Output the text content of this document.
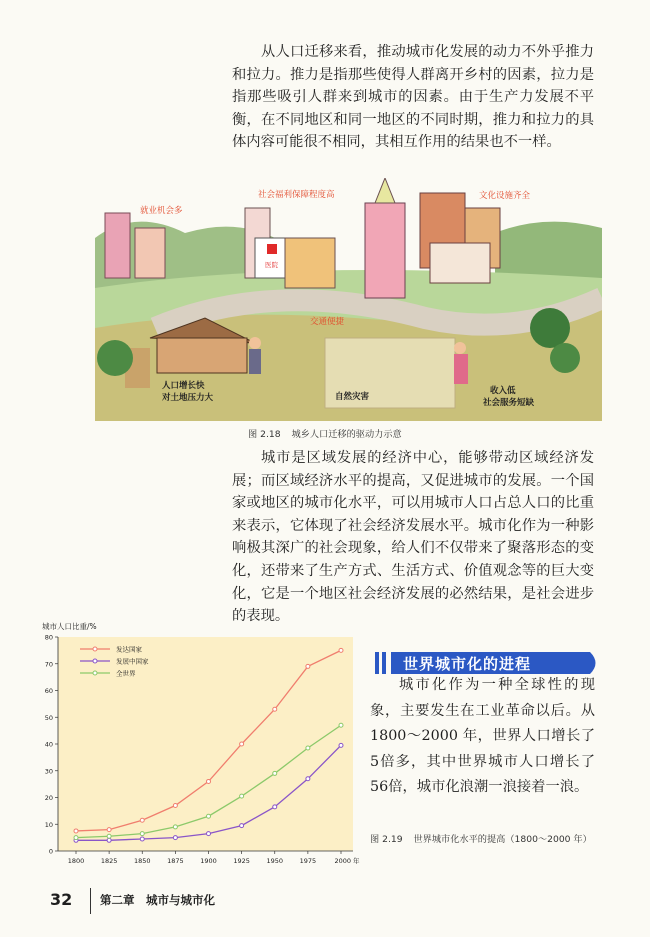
从人口迁移来看，推动城市化发展的动力不外乎推力和拉力。推力是指那些使得人群离开乡村的因素，拉力是指那些吸引人群来到城市的因素。由于生产力发展不平衡，在不同地区和同一地区的不同时期，推力和拉力的具体内容可能很不相同，其相互作用的结果也不一样。
就业机会多
社会福利保障程度高	文化设施齐全
医院
交通便捷
人口增长快
对土地压力大	自然灾害
收入低
社会服务短缺
图 2.18 城乡人口迁移的驱动力示意
城市是区域发展的经济中心，能够带动区域经济发展；而区域经济水平的提高，又促进城市的发展。一个国家或地区的城市化水平，可以用城市人口占总人口的比重来表示，它体现了社会经济发展水平。城市化作为一种影响极其深广的社会现象，给人们不仅带来了聚落形态的变化，还带来了生产方式、生活方式、价值观念等的巨大变化，它是一个地区社会经济发展的必然结果，是社会进步的表现。
城市人口比重/%
0
10
20
30
40
50
60
70
80
1800	1825	1850	1875	1900	1925	1950	1975	2000 年
发达国家
发展中国家
全世界
图 2.19 世界城市化水平的提高（1800～2000 年）
世界城市化的进程
城市化作为一种全球性的现象，主要发生在工业革命以后。从1800～2000 年，世界人口增长了5倍多，其中世界城市人口增长了56倍，城市化浪潮一浪接着一浪。
32 第二章　城市与城市化
